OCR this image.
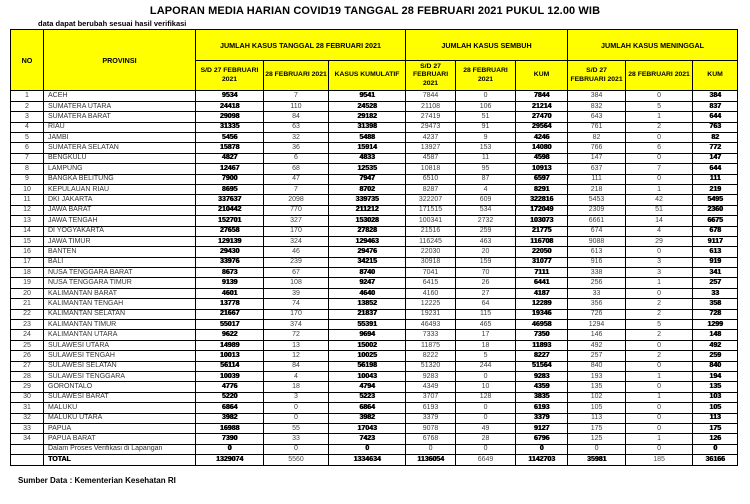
LAPORAN MEDIA HARIAN COVID19 TANGGAL 28 FEBRUARI 2021 PUKUL 12.00 WIB
data dapat berubah sesuai hasil verifikasi
NO	PROVINSI	JUMLAH KASUS TANGGAL 28 FEBRUARI 2021			JUMLAH KASUS SEMBUH			JUMLAH KASUS MENINGGAL		
		S/D 27 FEBRUARI 2021	28 FEBRUARI 2021	KASUS KUMULATIF	S/D 27 FEBRUARI 2021	28 FEBRUARI 2021	KUM	S/D 27 FEBRUARI 2021	28 FEBRUARI 2021	KUM
1	ACEH	9534	7	9541	7844	0	7844	384	0	384
2	SUMATERA UTARA	24418	110	24528	21108	106	21214	832	5	837
3	SUMATERA BARAT	29098	84	29182	27419	51	27470	643	1	644
4	RIAU	31335	63	31398	29473	91	29564	761	2	763
5	JAMBI	5456	32	5488	4237	9	4246	82	0	82
6	SUMATERA SELATAN	15878	36	15914	13927	153	14080	766	6	772
7	BENGKULU	4827	6	4833	4587	11	4598	147	0	147
8	LAMPUNG	12467	68	12535	10818	95	10913	637	7	644
9	BANGKA BELITUNG	7900	47	7947	6510	87	6597	111	0	111
10	KEPULAUAN RIAU	8695	7	8702	8287	4	8291	218	1	219
11	DKI JAKARTA	337637	2098	339735	322207	609	322816	5453	42	5495
12	JAWA BARAT	210442	770	211212	171515	534	172049	2309	51	2360
13	JAWA TENGAH	152701	327	153028	100341	2732	103073	6661	14	6675
14	DI YOGYAKARTA	27658	170	27828	21516	259	21775	674	4	678
15	JAWA TIMUR	129139	324	129463	116245	463	116708	9088	29	9117
16	BANTEN	29430	46	29476	22030	20	22050	613	0	613
17	BALI	33976	239	34215	30918	159	31077	916	3	919
18	NUSA TENGGARA BARAT	8673	67	8740	7041	70	7111	338	3	341
19	NUSA TENGGARA TIMUR	9139	108	9247	6415	26	6441	256	1	257
20	KALIMANTAN BARAT	4601	39	4640	4160	27	4187	33	0	33
21	KALIMANTAN TENGAH	13778	74	13852	12225	64	12289	356	2	358
22	KALIMANTAN SELATAN	21667	170	21837	19231	115	19346	726	2	728
23	KALIMANTAN TIMUR	55017	374	55391	46493	465	46958	1294	5	1299
24	KALIMANTAN UTARA	9622	72	9694	7333	17	7350	146	2	148
25	SULAWESI UTARA	14989	13	15002	11875	18	11893	492	0	492
26	SULAWESI TENGAH	10013	12	10025	8222	5	8227	257	2	259
27	SULAWESI SELATAN	56114	84	56198	51320	244	51564	840	0	840
28	SULAWESI TENGGARA	10039	4	10043	9283	0	9283	193	1	194
29	GORONTALO	4776	18	4794	4349	10	4359	135	0	135
30	SULAWESI BARAT	5220	3	5223	3707	128	3835	102	1	103
31	MALUKU	6864	0	6864	6193	0	6193	105	0	105
32	MALUKU UTARA	3982	0	3982	3379	0	3379	113	0	113
33	PAPUA	16988	55	17043	9078	49	9127	175	0	175
34	PAPUA BARAT	7390	33	7423	6768	28	6796	125	1	126
	Dalam Proses Verifikasi di Lapangan	0	0	0	0	0	0	0	0	0
	TOTAL	1329074	5560	1334634	1136054	6649	1142703	35981	185	36166
Sumber Data : Kementerian Kesehatan RI
